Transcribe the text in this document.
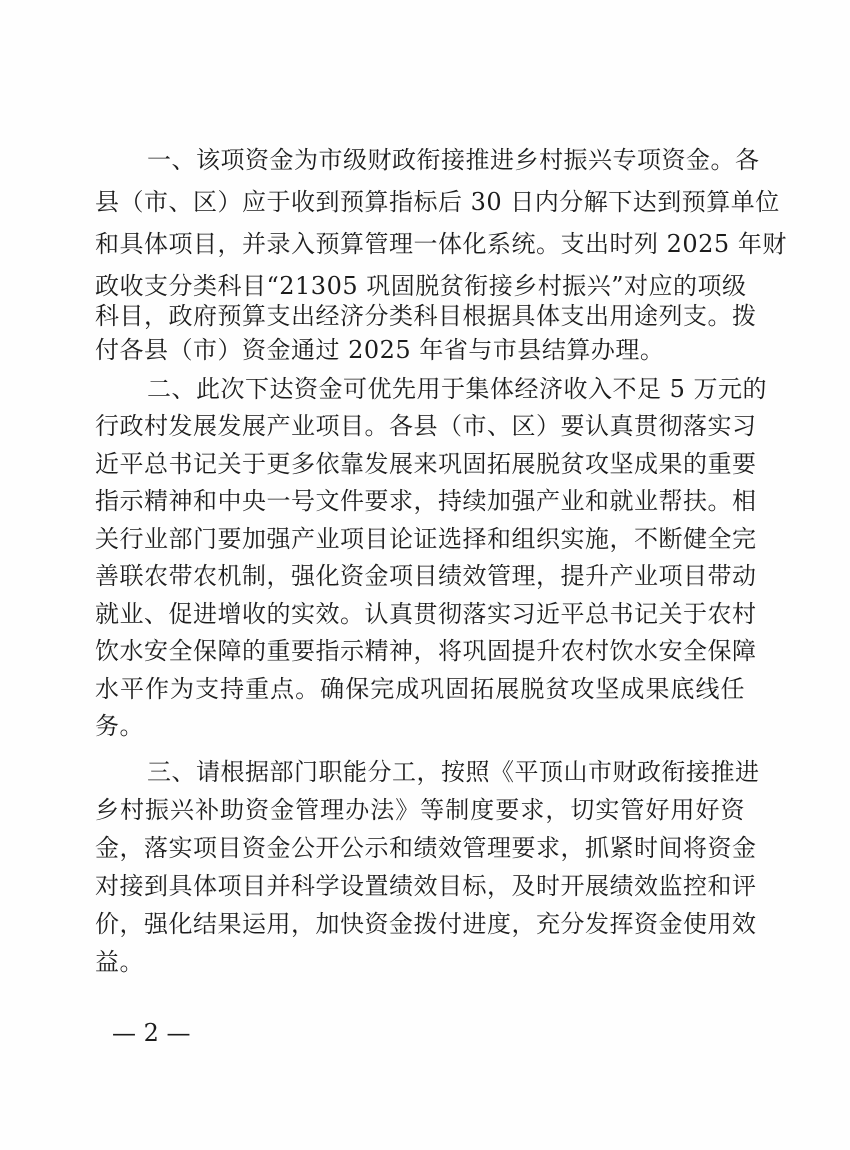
一、该项资金为市级财政衔接推进乡村振兴专项资金。各
县（市、区）应于收到预算指标后 30 日内分解下达到预算单位
和具体项目，并录入预算管理一体化系统。支出时列 2025 年财
政收支分类科目“21305 巩固脱贫衔接乡村振兴”对应的项级
科目，政府预算支出经济分类科目根据具体支出用途列支。拨
付各县（市）资金通过 2025 年省与市县结算办理。
二、此次下达资金可优先用于集体经济收入不足 5 万元的
行政村发展发展产业项目。各县（市、区）要认真贯彻落实习
近平总书记关于更多依靠发展来巩固拓展脱贫攻坚成果的重要
指示精神和中央一号文件要求，持续加强产业和就业帮扶。相
关行业部门要加强产业项目论证选择和组织实施，不断健全完
善联农带农机制，强化资金项目绩效管理，提升产业项目带动
就业、促进增收的实效。认真贯彻落实习近平总书记关于农村
饮水安全保障的重要指示精神，将巩固提升农村饮水安全保障
水平作为支持重点。确保完成巩固拓展脱贫攻坚成果底线任
务。
三、请根据部门职能分工，按照《平顶山市财政衔接推进
乡村振兴补助资金管理办法》等制度要求，切实管好用好资
金，落实项目资金公开公示和绩效管理要求，抓紧时间将资金
对接到具体项目并科学设置绩效目标，及时开展绩效监控和评
价，强化结果运用，加快资金拨付进度，充分发挥资金使用效
益。
— 2 —
